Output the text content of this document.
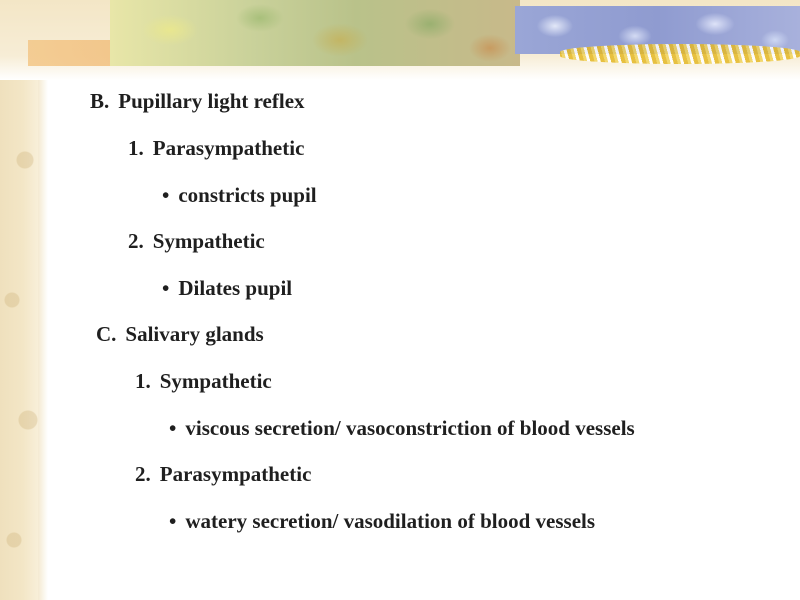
B. Pupillary light reflex
1. Parasympathetic
• constricts pupil
2. Sympathetic
• Dilates pupil
C. Salivary glands
1. Sympathetic
• viscous secretion/ vasoconstriction of blood vessels
2. Parasympathetic
• watery secretion/ vasodilation of blood vessels
